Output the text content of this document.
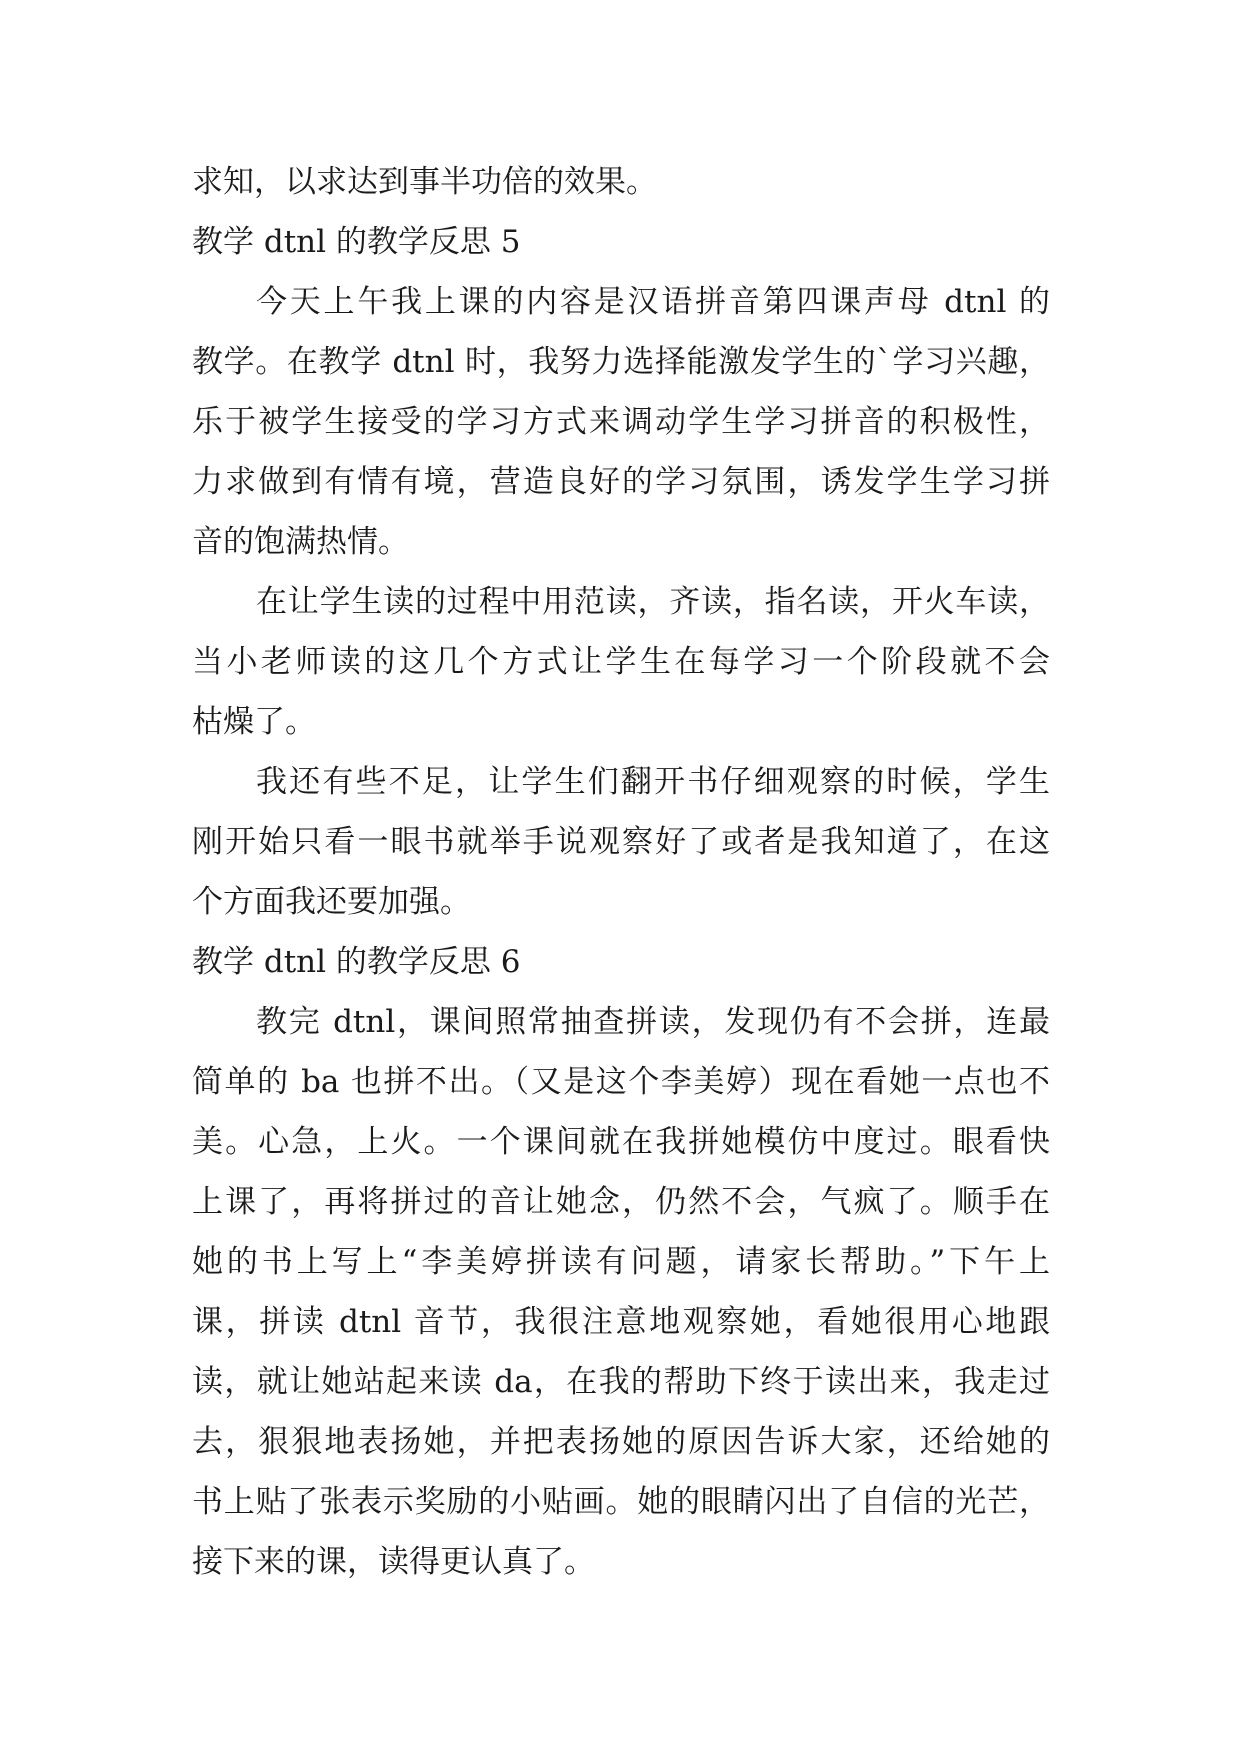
求知，以求达到事半功倍的效果。
教学 dtnl 的教学反思 5
今天上午我上课的内容是汉语拼音第四课声母 dtnl 的
教学。在教学 dtnl 时，我努力选择能激发学生的`学习兴趣，
乐于被学生接受的学习方式来调动学生学习拼音的积极性，
力求做到有情有境，营造良好的学习氛围，诱发学生学习拼
音的饱满热情。
在让学生读的过程中用范读，齐读，指名读，开火车读，
当小老师读的这几个方式让学生在每学习一个阶段就不会
枯燥了。
我还有些不足，让学生们翻开书仔细观察的时候，学生
刚开始只看一眼书就举手说观察好了或者是我知道了，在这
个方面我还要加强。
教学 dtnl 的教学反思 6
教完 dtnl，课间照常抽查拼读，发现仍有不会拼，连最
简单的 ba 也拼不出。（又是这个李美婷）现在看她一点也不
美。心急，上火。一个课间就在我拼她模仿中度过。眼看快
上课了，再将拼过的音让她念，仍然不会，气疯了。顺手在
她的书上写上“李美婷拼读有问题，请家长帮助。”下午上
课，拼读 dtnl 音节，我很注意地观察她，看她很用心地跟
读，就让她站起来读 da，在我的帮助下终于读出来，我走过
去，狠狠地表扬她，并把表扬她的原因告诉大家，还给她的
书上贴了张表示奖励的小贴画。她的眼睛闪出了自信的光芒，
接下来的课，读得更认真了。
